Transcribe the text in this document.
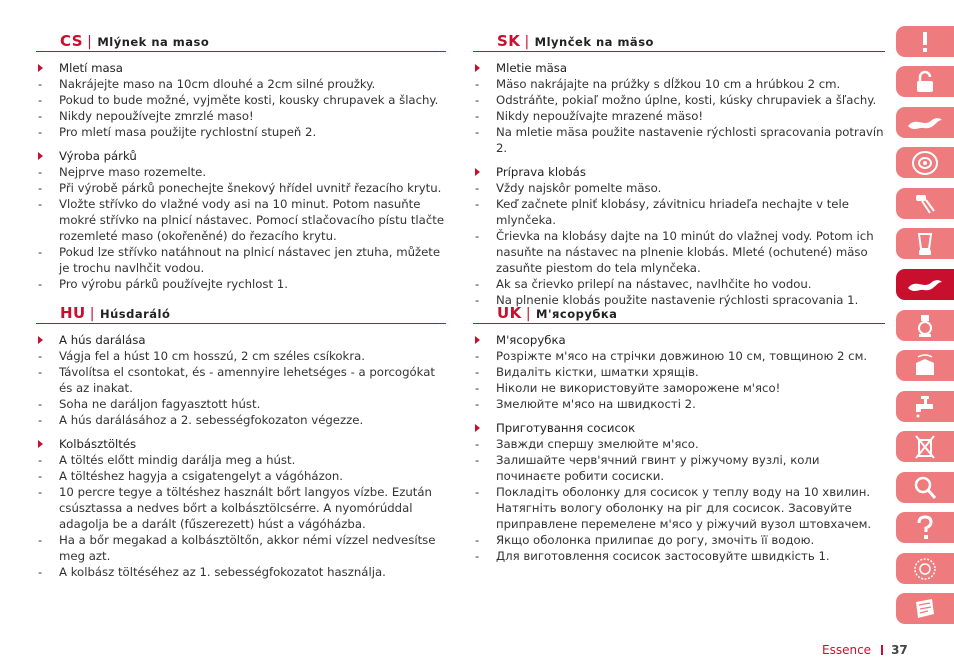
CS | Mlýnek na maso
Mletí masa
- Nakrájejte maso na 10cm dlouhé a 2cm silné proužky.
- Pokud to bude možné, vyjměte kosti, kousky chrupavek a šlachy.
- Nikdy nepoužívejte zmrzlé maso!
- Pro mletí masa použijte rychlostní stupeň 2.
Výroba párků
- Nejprve maso rozemelte.
- Při výrobě párků ponechejte šnekový hřídel uvnitř řezacího krytu.
- Vložte střívko do vlažné vody asi na 10 minut. Potom nasuňte mokré střívko na plnicí nástavec. Pomocí stlačovacího pístu tlačte rozemleté maso (okořeněné) do řezacího krytu.
- Pokud lze střívko natáhnout na plnicí nástavec jen ztuha, můžete je trochu navlhčit vodou.
- Pro výrobu párků používejte rychlost 1.
HU | Húsdaráló
A hús darálása
- Vágja fel a húst 10 cm hosszú, 2 cm széles csíkokra.
- Távolítsa el csontokat, és - amennyire lehetséges - a porcogókat és az inakat.
- Soha ne daráljon fagyasztott húst.
- A hús darálásához a 2. sebességfokozaton végezze.
Kolbásztöltés
- A töltés előtt mindig darálja meg a húst.
- A töltéshez hagyja a csigatengelyt a vágóházon.
- 10 percre tegye a töltéshez használt bőrt langyos vízbe. Ezután csúsztassa a nedves bőrt a kolbásztölcsérre. A nyomórúddal adagolja be a darált (fűszerezett) húst a vágóházba.
- Ha a bőr megakad a kolbásztöltőn, akkor némi vízzel nedvesítse meg azt.
- A kolbász töltéséhez az 1. sebességfokozatot használja.
SK | Mlynček na mäso
Mletie mäsa
- Mäso nakrájajte na prúžky s dĺžkou 10 cm a hrúbkou 2 cm.
- Odstráňte, pokiaľ možno úplne, kosti, kúsky chrupaviek a šľachy.
- Nikdy nepoužívajte mrazené mäso!
- Na mletie mäsa použite nastavenie rýchlosti spracovania potravín 2.
Príprava klobás
- Vždy najskôr pomelte mäso.
- Keď začnete plniť klobásy, závitnicu hriadeľa nechajte v tele mlynčeka.
- Črievka na klobásy dajte na 10 minút do vlažnej vody. Potom ich nasuňte na nástavec na plnenie klobás. Mleté (ochutené) mäso zasuňte piestom do tela mlynčeka.
- Ak sa črievko prilepí na nástavec, navlhčite ho vodou.
- Na plnenie klobás použite nastavenie rýchlosti spracovania 1.
UK | М'ясорубка
М'ясорубка
- Розріжте м'ясо на стрічки довжиною 10 см, товщиною 2 см.
- Видаліть кістки, шматки хрящів.
- Ніколи не використовуйте заморожене м'ясо!
- Змелюйте м'ясо на швидкості 2.
Приготування сосисок
- Завжди спершу змелюйте м'ясо.
- Залишайте черв'ячний гвинт у ріжучому вузлі, коли починаєте робити сосиски.
- Покладіть оболонку для сосисок у теплу воду на 10 хвилин. Натягніть вологу оболонку на ріг для сосисок. Засовуйте приправлене перемелене м'ясо у ріжучий вузол штовхачем.
- Якщо оболонка прилипає до рогу, змочіть її водою.
- Для виготовлення сосисок застосовуйте швидкість 1.
Essence 37
